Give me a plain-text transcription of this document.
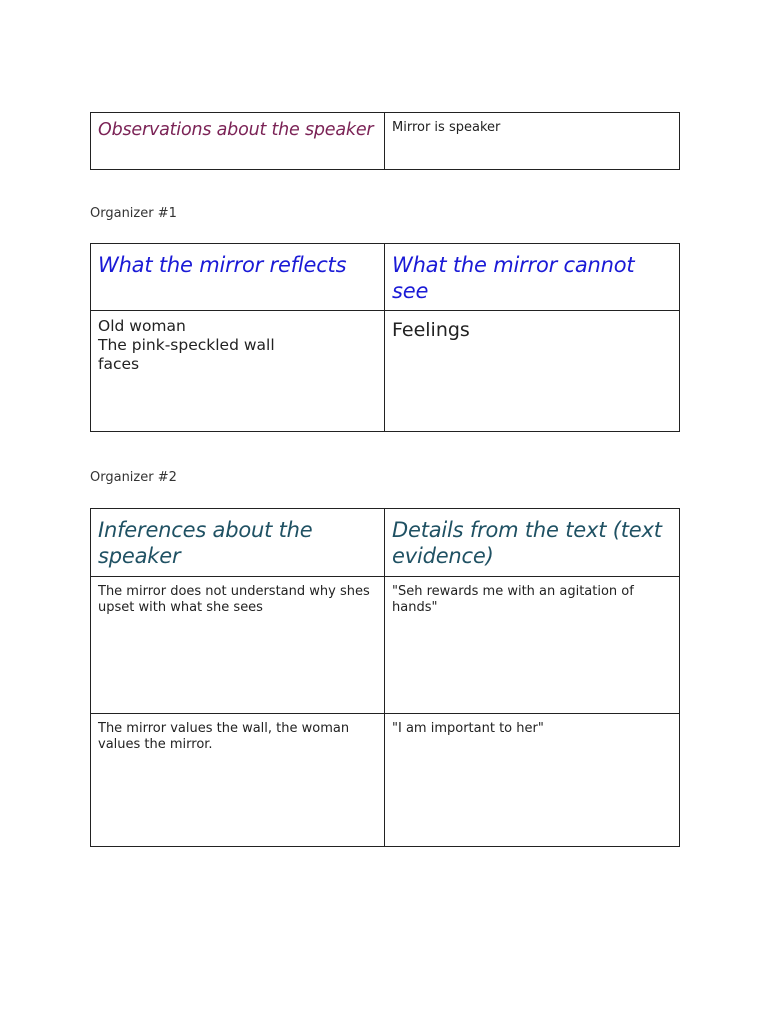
Observations about the speaker	Mirror is speaker
Organizer #1
What the mirror reflects	What the mirror cannot see

Old woman
The pink-speckled wall
faces	Feelings
Organizer #2
Inferences about the speaker	Details from the text (text evidence)

The mirror does not understand why shes upset with what she sees	"Seh rewards me with an agitation of hands"

The mirror values the wall, the woman values the mirror.	"I am important to her"
